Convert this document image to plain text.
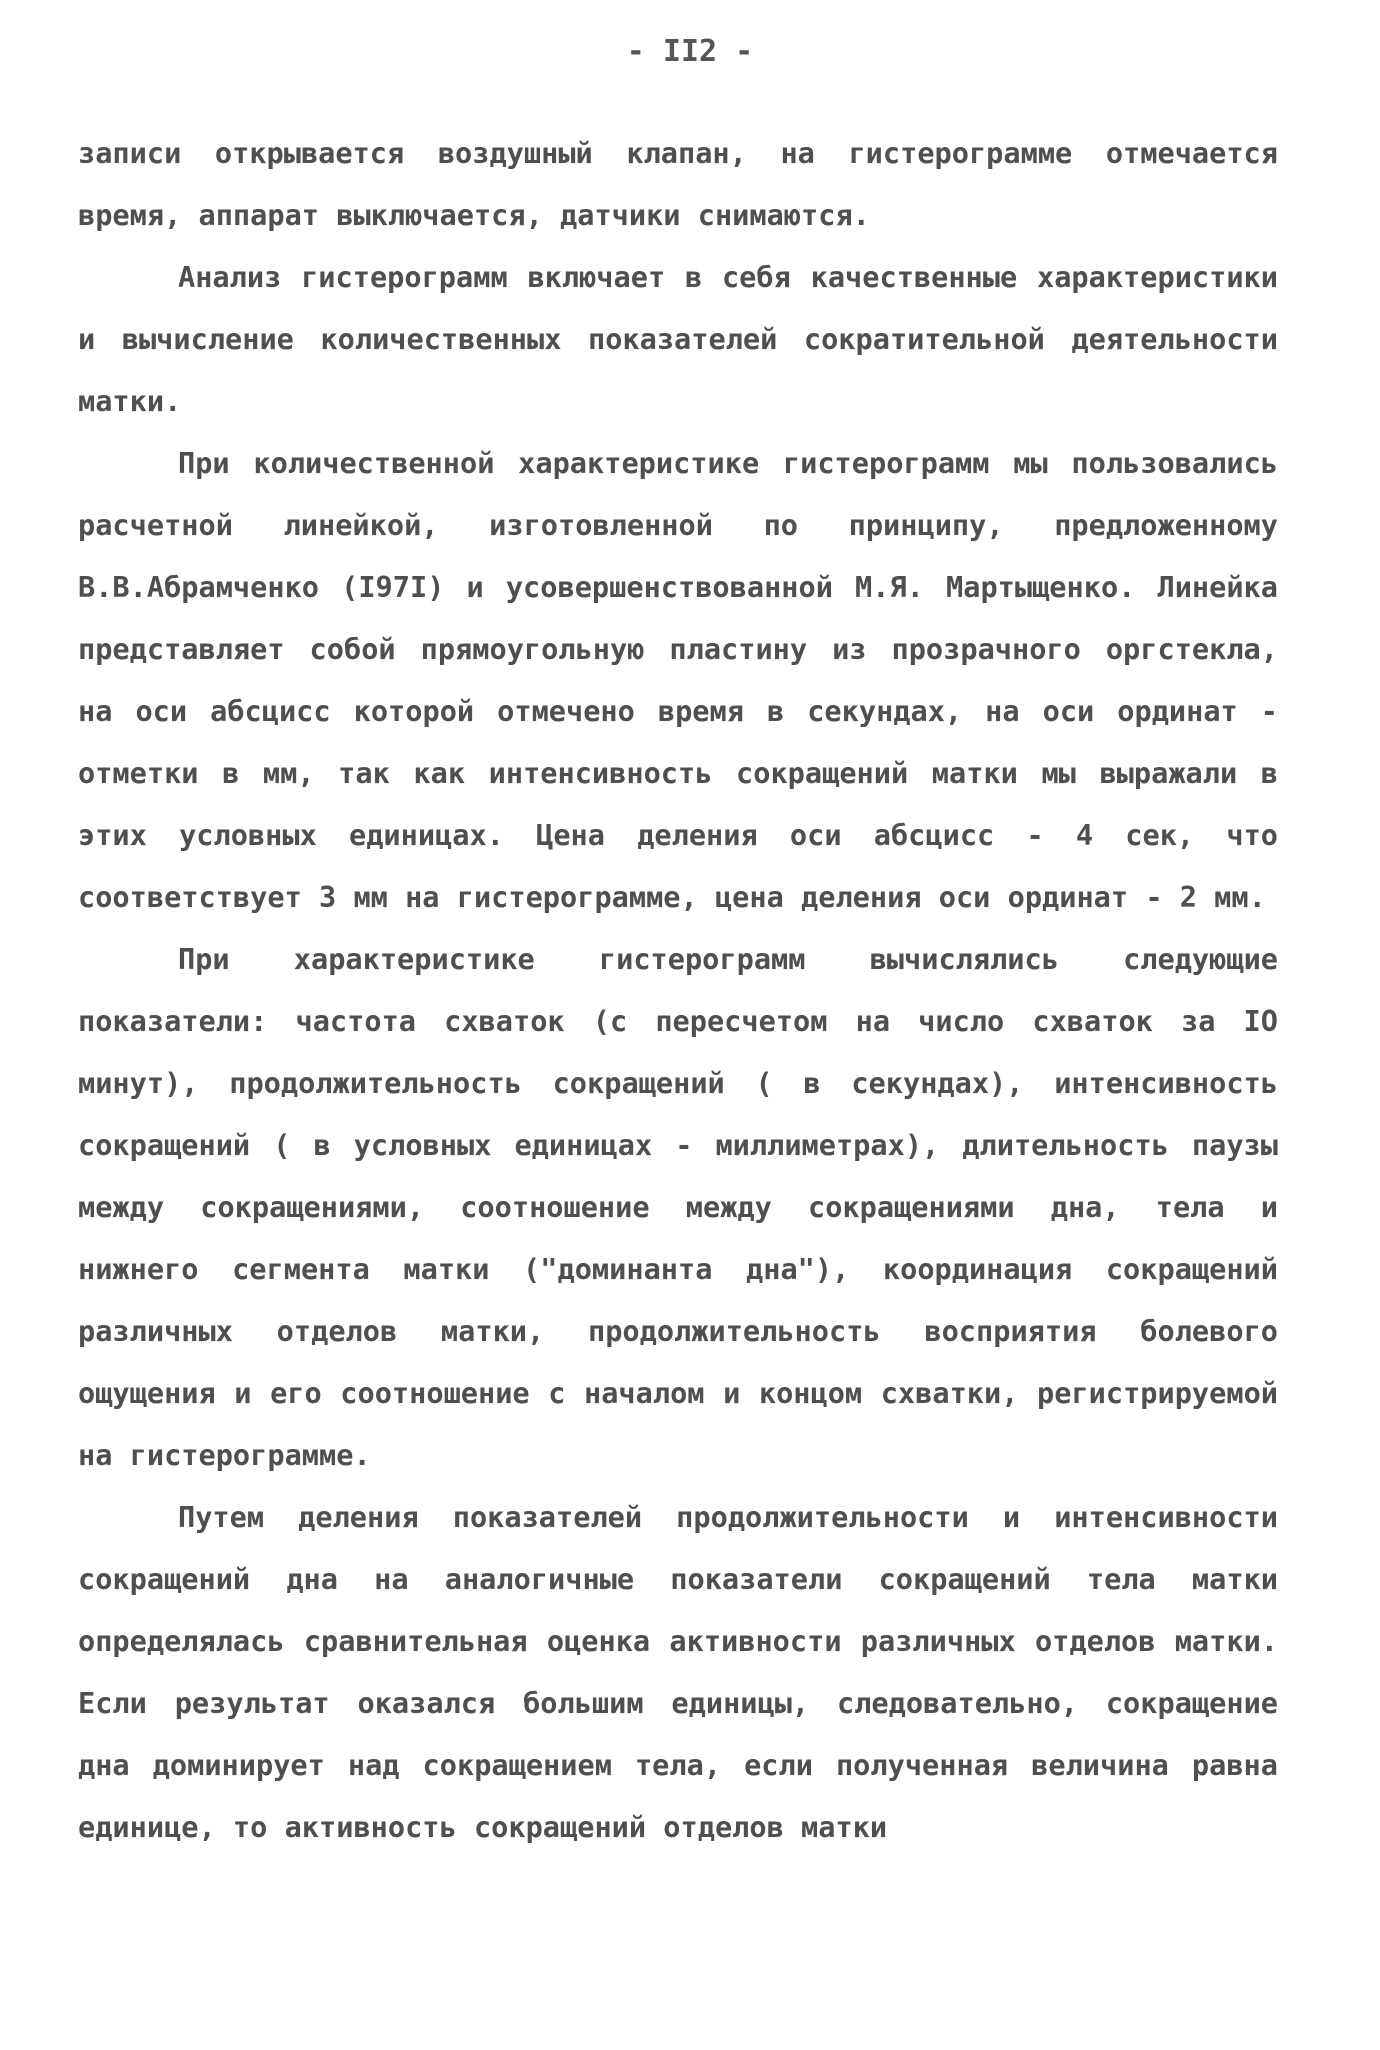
- II2 -

записи открывается воздушный клапан, на гистерограмме отмечается время, аппарат выключается, датчики снимаются.

Анализ гистерограмм включает в себя качественные характеристики и вычисление количественных показателей сократительной деятельности матки.

При количественной характеристике гистерограмм мы пользовались расчетной линейкой, изготовленной по принципу, предложенному В.В.Абрамченко (I97I) и усовершенствованной М.Я. Мартыщенко. Линейка представляет собой прямоугольную пластину из прозрачного оргстекла, на оси абсцисс которой отмечено время в секундах, на оси ординат - отметки в мм, так как интенсивность сокращений матки мы выражали в этих условных единицах. Цена деления оси абсцисс - 4 сек, что соответствует 3 мм на гистерограмме, цена деления оси ординат - 2 мм.

При характеристике гистерограмм вычислялись следующие показатели: частота схваток (с пересчетом на число схваток за IO минут), продолжительность сокращений ( в секундах), интенсивность сокращений ( в условных единицах - миллиметрах), длительность паузы между сокращениями, соотношение между сокращениями дна, тела и нижнего сегмента матки ("доминанта дна"), координация сокращений различных отделов матки, продолжительность восприятия болевого ощущения и его соотношение с началом и концом схватки, регистрируемой на гистерограмме.

Путем деления показателей продолжительности и интенсивности сокращений дна на аналогичные показатели сокращений тела матки определялась сравнительная оценка активности различных отделов матки. Если результат оказался большим единицы, следовательно, сокращение дна доминирует над сокращением тела, если полученная величина равна единице, то активность сокращений отделов матки
